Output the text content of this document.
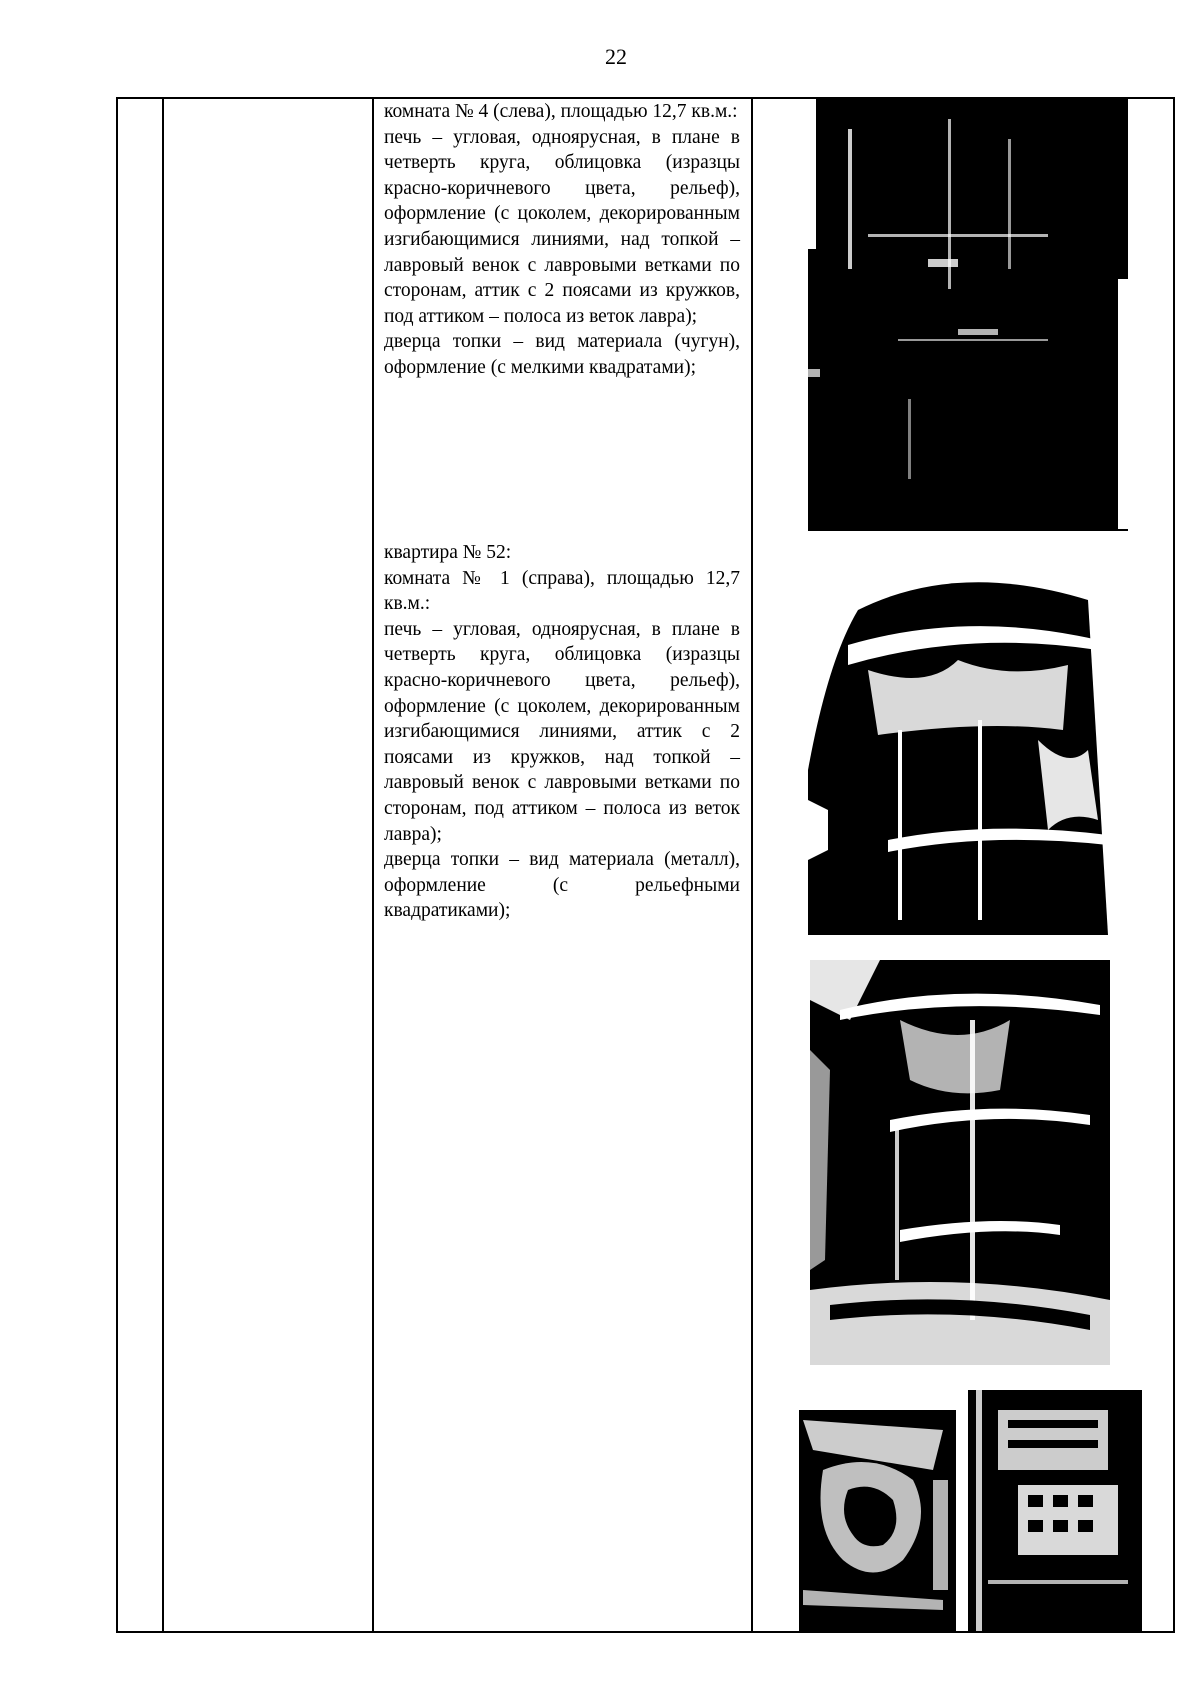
22

комната № 4 (слева), площадью 12,7 кв.м.:

печь – угловая, одноярусная, в плане в четверть круга, облицовка (изразцы красно-коричневого цвета, рельеф), оформление (с цоколем, декорированным изгибающимися линиями, над топкой – лавровый венок с лавровыми ветками по сторонам, аттик с 2 поясами из кружков, под аттиком – полоса из веток лавра);

дверца топки – вид материала (чугун), оформление (с мелкими квадратами);

квартира № 52:

комната № 1 (справа), площадью 12,7 кв.м.:

печь – угловая, одноярусная, в плане в четверть круга, облицовка (изразцы красно-коричневого цвета, рельеф), оформление (с цоколем, декорированным изгибающимися линиями, аттик с 2 поясами из кружков, над топкой – лавровый венок с лавровыми ветками по сторонам, под аттиком – полоса из веток лавра);

дверца топки – вид материала (металл), оформление (с рельефными квадратиками);
